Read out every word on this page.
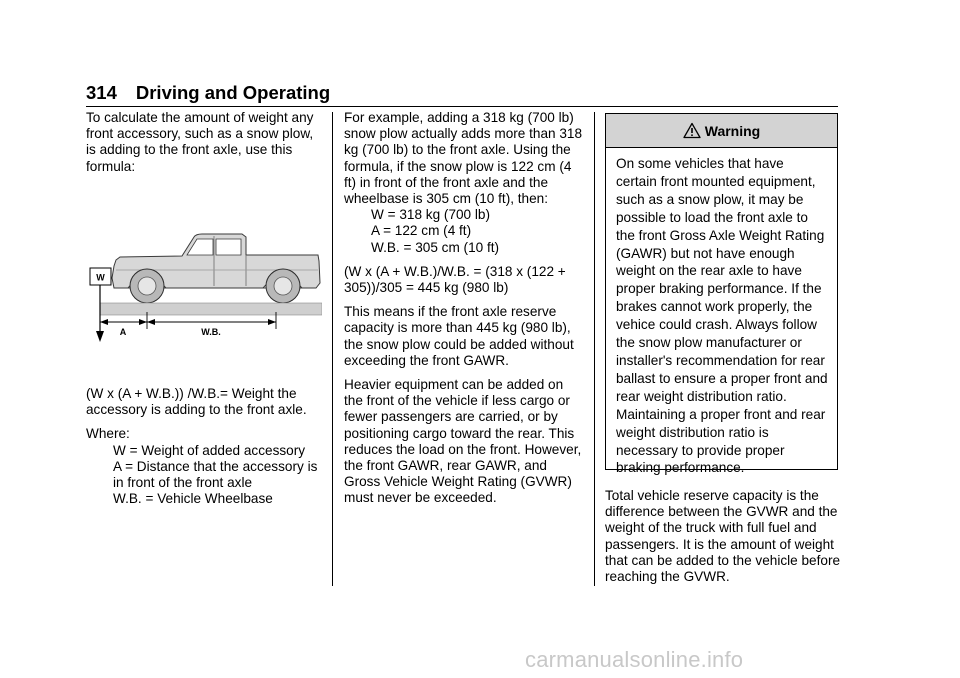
314 Driving and Operating

To calculate the amount of weight any front accessory, such as a snow plow, is adding to the front axle, use this formula:

W
A	W.B.

(W x (A + W.B.)) /W.B.= Weight the accessory is adding to the front axle.

Where:

W = Weight of added accessory
A = Distance that the accessory is in front of the front axle
W.B. = Vehicle Wheelbase

For example, adding a 318 kg (700 lb) snow plow actually adds more than 318 kg (700 lb) to the front axle. Using the formula, if the snow plow is 122 cm (4 ft) in front of the front axle and the wheelbase is 305 cm (10 ft), then:

W = 318 kg (700 lb)
A = 122 cm (4 ft)
W.B. = 305 cm (10 ft)

(W x (A + W.B.)/W.B. = (318 x (122 + 305))/305 = 445 kg (980 lb)

This means if the front axle reserve capacity is more than 445 kg (980 lb), the snow plow could be added without exceeding the front GAWR.

Heavier equipment can be added on the front of the vehicle if less cargo or fewer passengers are carried, or by positioning cargo toward the rear. This reduces the load on the front. However, the front GAWR, rear GAWR, and Gross Vehicle Weight Rating (GVWR) must never be exceeded.

Warning
On some vehicles that have certain front mounted equipment, such as a snow plow, it may be possible to load the front axle to the front Gross Axle Weight Rating (GAWR) but not have enough weight on the rear axle to have proper braking performance. If the brakes cannot work properly, the vehice could crash. Always follow the snow plow manufacturer or installer's recommendation for rear ballast to ensure a proper front and rear weight distribution ratio. Maintaining a proper front and rear weight distribution ratio is necessary to provide proper braking performance.

Total vehicle reserve capacity is the difference between the GVWR and the weight of the truck with full fuel and passengers. It is the amount of weight that can be added to the vehicle before reaching the GVWR.

carmanualsonline.info
